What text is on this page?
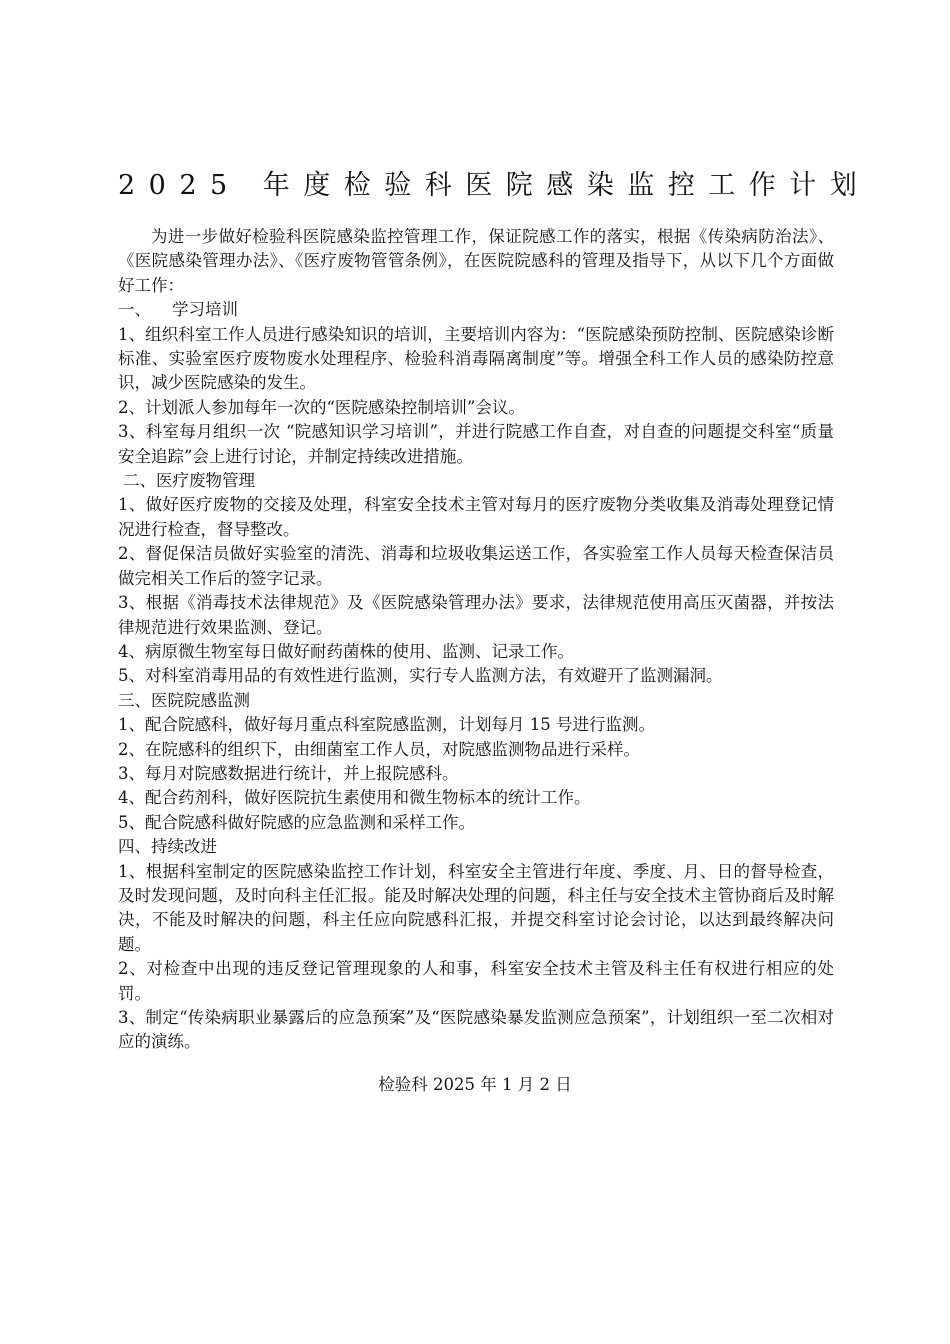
2025 年度检验科医院感染监控工作计划

为进一步做好检验科医院感染监控管理工作，保证院感工作的落实，根据《传染病防治法》、《医院感染管理办法》、《医疗废物管管条例》，在医院院感科的管理及指导下，从以下几个方面做好工作：

一、    学习培训

1、组织科室工作人员进行感染知识的培训，主要培训内容为：“医院感染预防控制、医院感染诊断标准、实验室医疗废物废水处理程序、检验科消毒隔离制度”等。增强全科工作人员的感染防控意识，减少医院感染的发生。

2、计划派人参加每年一次的“医院感染控制培训”会议。

3、科室每月组织一次 “院感知识学习培训”，并进行院感工作自查，对自查的问题提交科室“质量安全追踪”会上进行讨论，并制定持续改进措施。

二、医疗废物管理

1、做好医疗废物的交接及处理，科室安全技术主管对每月的医疗废物分类收集及消毒处理登记情况进行检查，督导整改。

2、督促保洁员做好实验室的清洗、消毒和垃圾收集运送工作，各实验室工作人员每天检查保洁员做完相关工作后的签字记录。

3、根据《消毒技术法律规范》及《医院感染管理办法》要求，法律规范使用高压灭菌器，并按法律规范进行效果监测、登记。

4、病原微生物室每日做好耐药菌株的使用、监测、记录工作。

5、对科室消毒用品的有效性进行监测，实行专人监测方法，有效避开了监测漏洞。

三、医院院感监测

1、配合院感科，做好每月重点科室院感监测，计划每月 15 号进行监测。

2、在院感科的组织下，由细菌室工作人员，对院感监测物品进行采样。

3、每月对院感数据进行统计，并上报院感科。

4、配合药剂科，做好医院抗生素使用和微生物标本的统计工作。

5、配合院感科做好院感的应急监测和采样工作。

四、持续改进

1、根据科室制定的医院感染监控工作计划，科室安全主管进行年度、季度、月、日的督导检查，及时发现问题，及时向科主任汇报。能及时解决处理的问题，科主任与安全技术主管协商后及时解决，不能及时解决的问题，科主任应向院感科汇报，并提交科室讨论会讨论，以达到最终解决问题。

2、对检查中出现的违反登记管理现象的人和事，科室安全技术主管及科主任有权进行相应的处罚。

3、制定“传染病职业暴露后的应急预案”及“医院感染暴发监测应急预案”，计划组织一至二次相对应的演练。

检验科 2025 年 1 月 2 日
